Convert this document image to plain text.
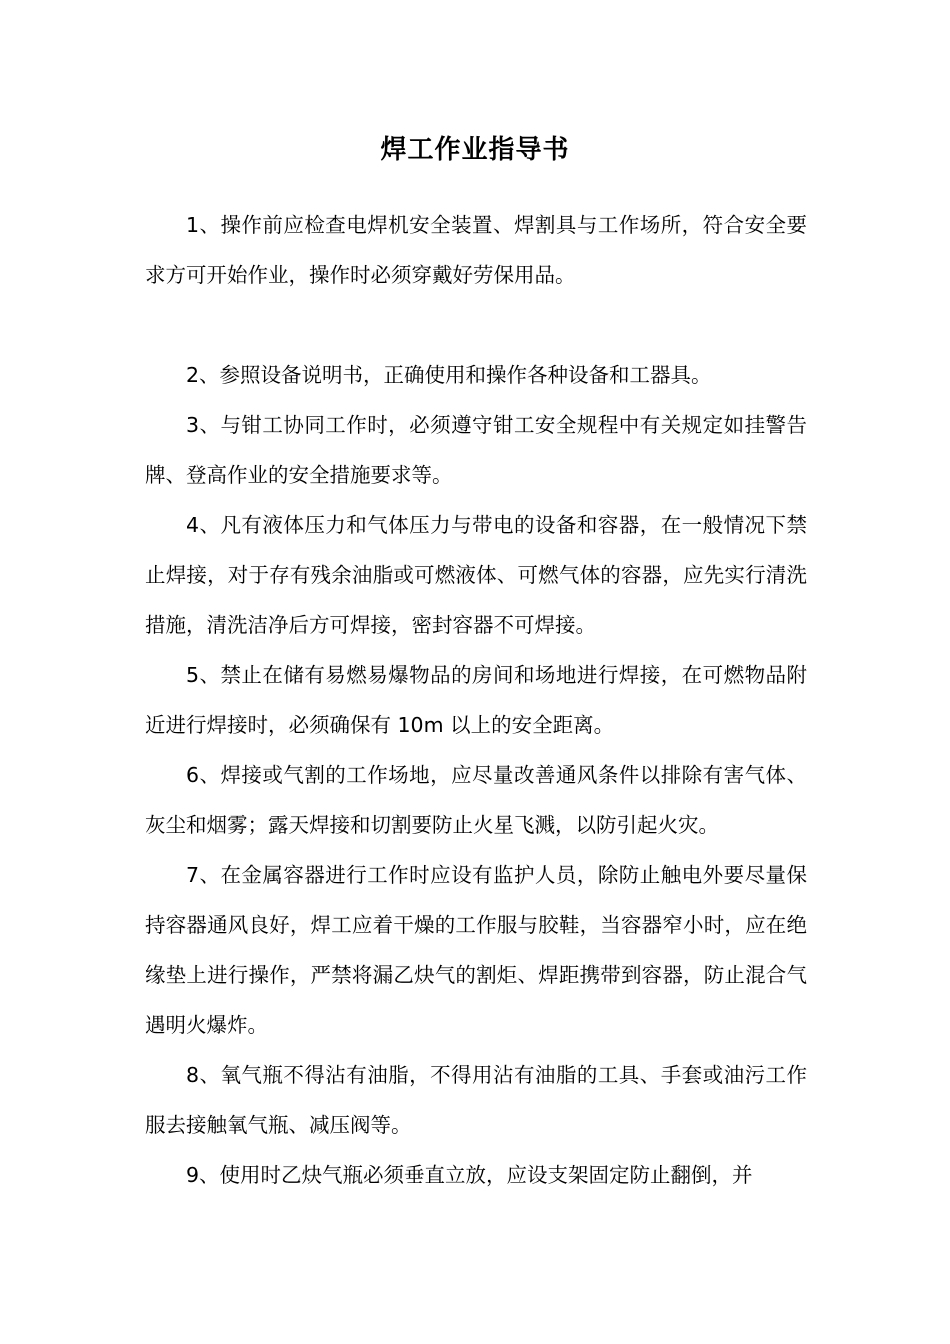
焊工作业指导书

1、操作前应检查电焊机安全装置、焊割具与工作场所，符合安全要 求方可开始作业，操作时必须穿戴好劳保用品。

2、参照设备说明书，正确使用和操作各种设备和工器具。

3、与钳工协同工作时，必须遵守钳工安全规程中有关规定如挂警告牌、登高作业的安全措施要求等。

4、凡有液体压力和气体压力与带电的设备和容器，在一般情况下禁止焊接，对于存有残余油脂或可燃液体、可燃气体的容器，应先实行清洗措施，清洗洁净后方可焊接，密封容器不可焊接。

5、禁止在储有易燃易爆物品的房间和场地进行焊接，在可燃物品附近进行焊接时，必须确保有 10m 以上的安全距离。

6、焊接或气割的工作场地，应尽量改善通风条件以排除有害气体、灰尘和烟雾；露天焊接和切割要防止火星飞溅，以防引起火灾。

7、在金属容器进行工作时应设有监护人员，除防止触电外要尽量保持容器通风良好，焊工应着干燥的工作服与胶鞋，当容器窄小时，应在绝缘垫上进行操作，严禁将漏乙炔气的割炬、焊距携带到容器，防止混合气遇明火爆炸。

8、氧气瓶不得沾有油脂，不得用沾有油脂的工具、手套或油污工作服去接触氧气瓶、减压阀等。

9、使用时乙炔气瓶必须垂直立放，应设支架固定防止翻倒，并
